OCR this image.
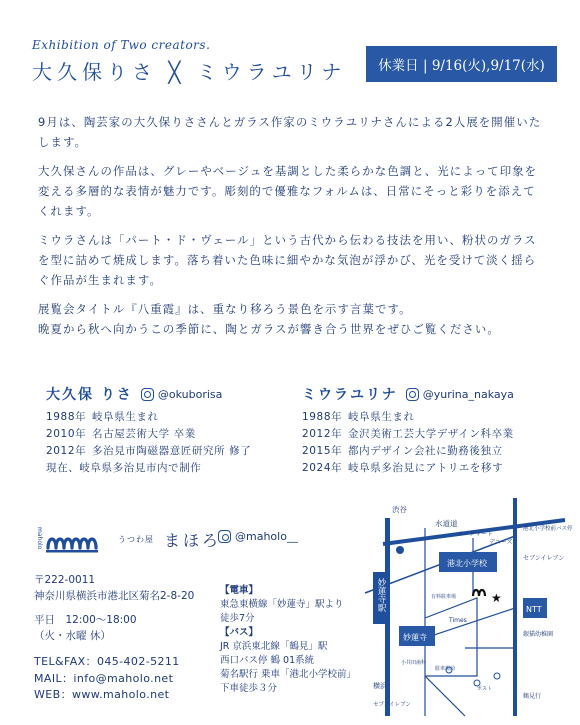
Exhibition of Two creators.
大久保りさ ╳ ミウラユリナ	休業日 | 9/16(火),9/17(水)

9月は、陶芸家の大久保りささんとガラス作家のミウラユリナさんによる2人展を開催いたします。

大久保さんの作品は、グレーやベージュを基調とした柔らかな色調と、光によって印象を変える多層的な表情が魅力です。彫刻的で優雅なフォルムは、日常にそっと彩りを添えてくれます。

ミウラさんは「パート・ド・ヴェール」という古代から伝わる技法を用い、粉状のガラスを型に詰めて焼成します。落ち着いた色味に細やかな気泡が浮かび、光を受けて淡く揺らぐ作品が生まれます。

展覧会タイトル『八重霞』は、重なり移ろう景色を示す言葉です。
晩夏から秋へ向かうこの季節に、陶とガラスが響き合う世界をぜひご覧ください。

大久保 りさ @okuborisa
1988年 岐阜県生まれ
2010年 名古屋芸術大学 卒業
2012年 多治見市陶磁器意匠研究所 修了
現在、岐阜県多治見市内で制作
ミウラユリナ @yurina_nakaya
1988年 岐阜県生まれ
2012年 金沢美術工芸大学デザイン科卒業
2015年 都内デザイン会社に勤務後独立
2024年 岐阜県多治見にアトリエを移す
maholo	うつわ屋 まほろ @maholo__
〒222-0011
神奈川県横浜市港北区菊名2-8-20
平日　12:00〜18:00
（火・水曜 休）
TEL&FAX：045-402-5211
MAIL：info@maholo.net
WEB：www.maholo.net
【電車】
東急東横線「妙蓮寺」駅より
徒歩7分
【バス】
JR 京浜東北線「鶴見」駅
西口バス停 鶴 01系統
菊名駅行 乗車「港北小学校前」
下車徒歩３分
妙蓮寺駅
港北小学校
妙蓮寺
NTT
★
渋谷
水道道
ヨークマート
デニーズ
港北小学校前バス停
セブンイレブン
銀猫幼稚園
鶴見行
横浜
セブンイレブン
Times
有料駐車場
駐車場前
小井田歯科
ポスト
